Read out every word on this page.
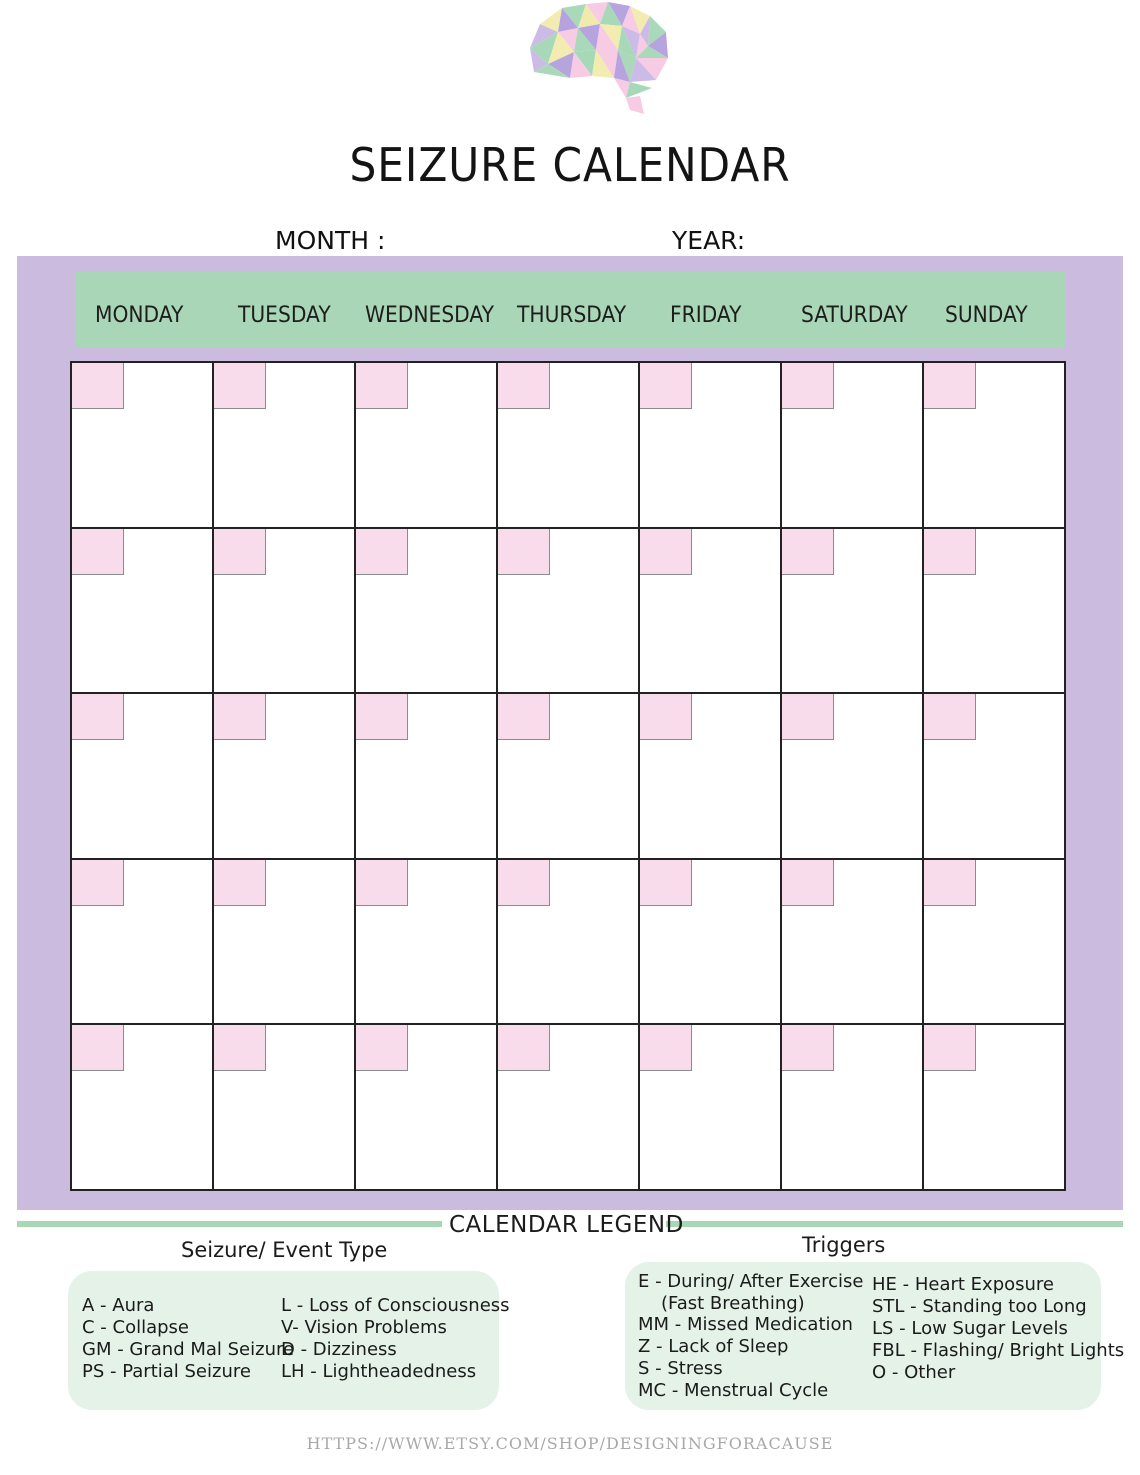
SEIZURE CALENDAR
MONTH :	YEAR:
MONDAY TUESDAY WEDNESDAY THURSDAY FRIDAY	SATURDAY SUNDAY
CALENDAR LEGEND
Seizure/ Event Type	Triggers
A - Aura
C - Collapse
GM - Grand Mal Seizure
PS - Partial Seizure
L - Loss of Consciousness
V- Vision Problems
D - Dizziness
LH - Lightheadedness
E - During/ After Exercise
(Fast Breathing)
MM - Missed Medication
Z - Lack of Sleep
S - Stress
MC - Menstrual Cycle
HE - Heart Exposure
STL - Standing too Long
LS - Low Sugar Levels
FBL - Flashing/ Bright Lights
O - Other
HTTPS://WWW.ETSY.COM/SHOP/DESIGNINGFORACAUSE
